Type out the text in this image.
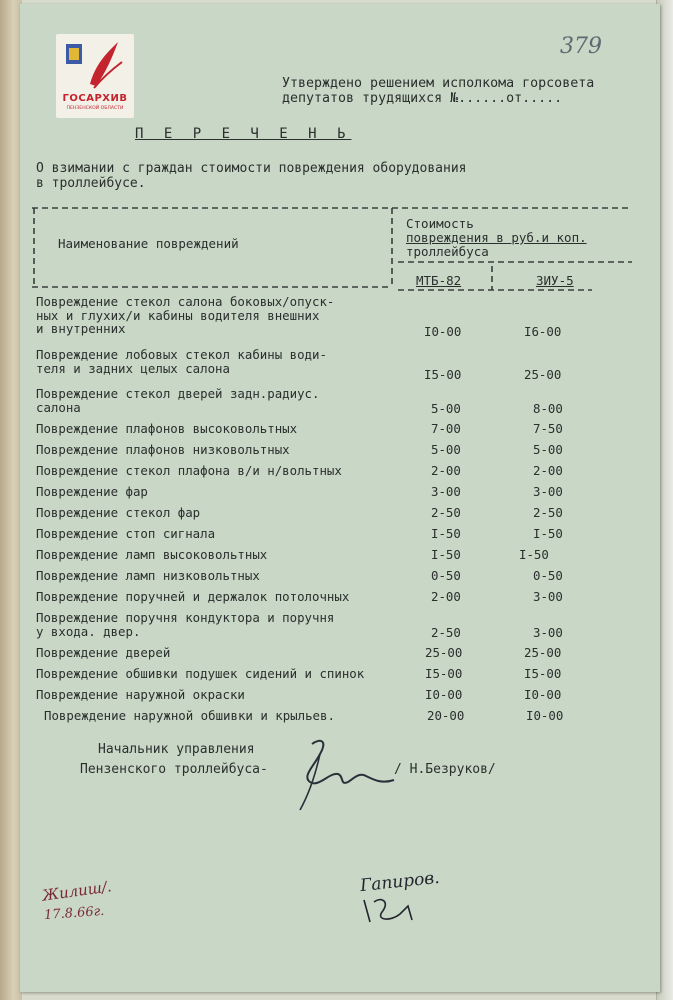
ГОСАРХИВ
ПЕНЗЕНСКОЙ ОБЛАСТИ
379
Утверждено решением исполкома горсовета
депутатов трудящихся №......от.....
П Е Р Е Ч Е Н Ь
О взимании с граждан стоимости повреждения оборудования
в троллейбусе.
Наименование повреждений
Стоимость
повреждения в руб.и коп.
троллейбуса
МТБ-82	ЗИУ-5
Повреждение стекол салона боковых/опуск-
ных и глухих/и кабины водителя внешних
и внутренних	I0-00	I6-00
Повреждение лобовых стекол кабины води-
теля и задних целых салона	I5-00	25-00
Повреждение стекол дверей задн.радиус.
салона	5-00	8-00
Повреждение плафонов высоковольтных	7-00	7-50
Повреждение плафонов низковольтных	5-00	5-00
Повреждение стекол плафона в/и н/вольтных	2-00	2-00
Повреждение фар	3-00	3-00
Повреждение стекол фар	2-50	2-50
Повреждение стоп сигнала	I-50	I-50
Повреждение ламп высоковольтных	I-50	I-50
Повреждение ламп низковольтных	0-50	0-50
Повреждение поручней и держалок потолочных	2-00	3-00
Повреждение поручня кондуктора и поручня
у входа. двер.	2-50	3-00
Повреждение дверей	25-00	25-00
Повреждение обшивки подушек сидений и спинок	I5-00	I5-00
Повреждение наружной окраски	I0-00	I0-00
Повреждение наружной обшивки и крыльев.	20-00	I0-00
Начальник управления
Пензенского троллейбуса-	/ Н.Безруков/
Жилиш/.
17.8.66г.
Гапиров.
